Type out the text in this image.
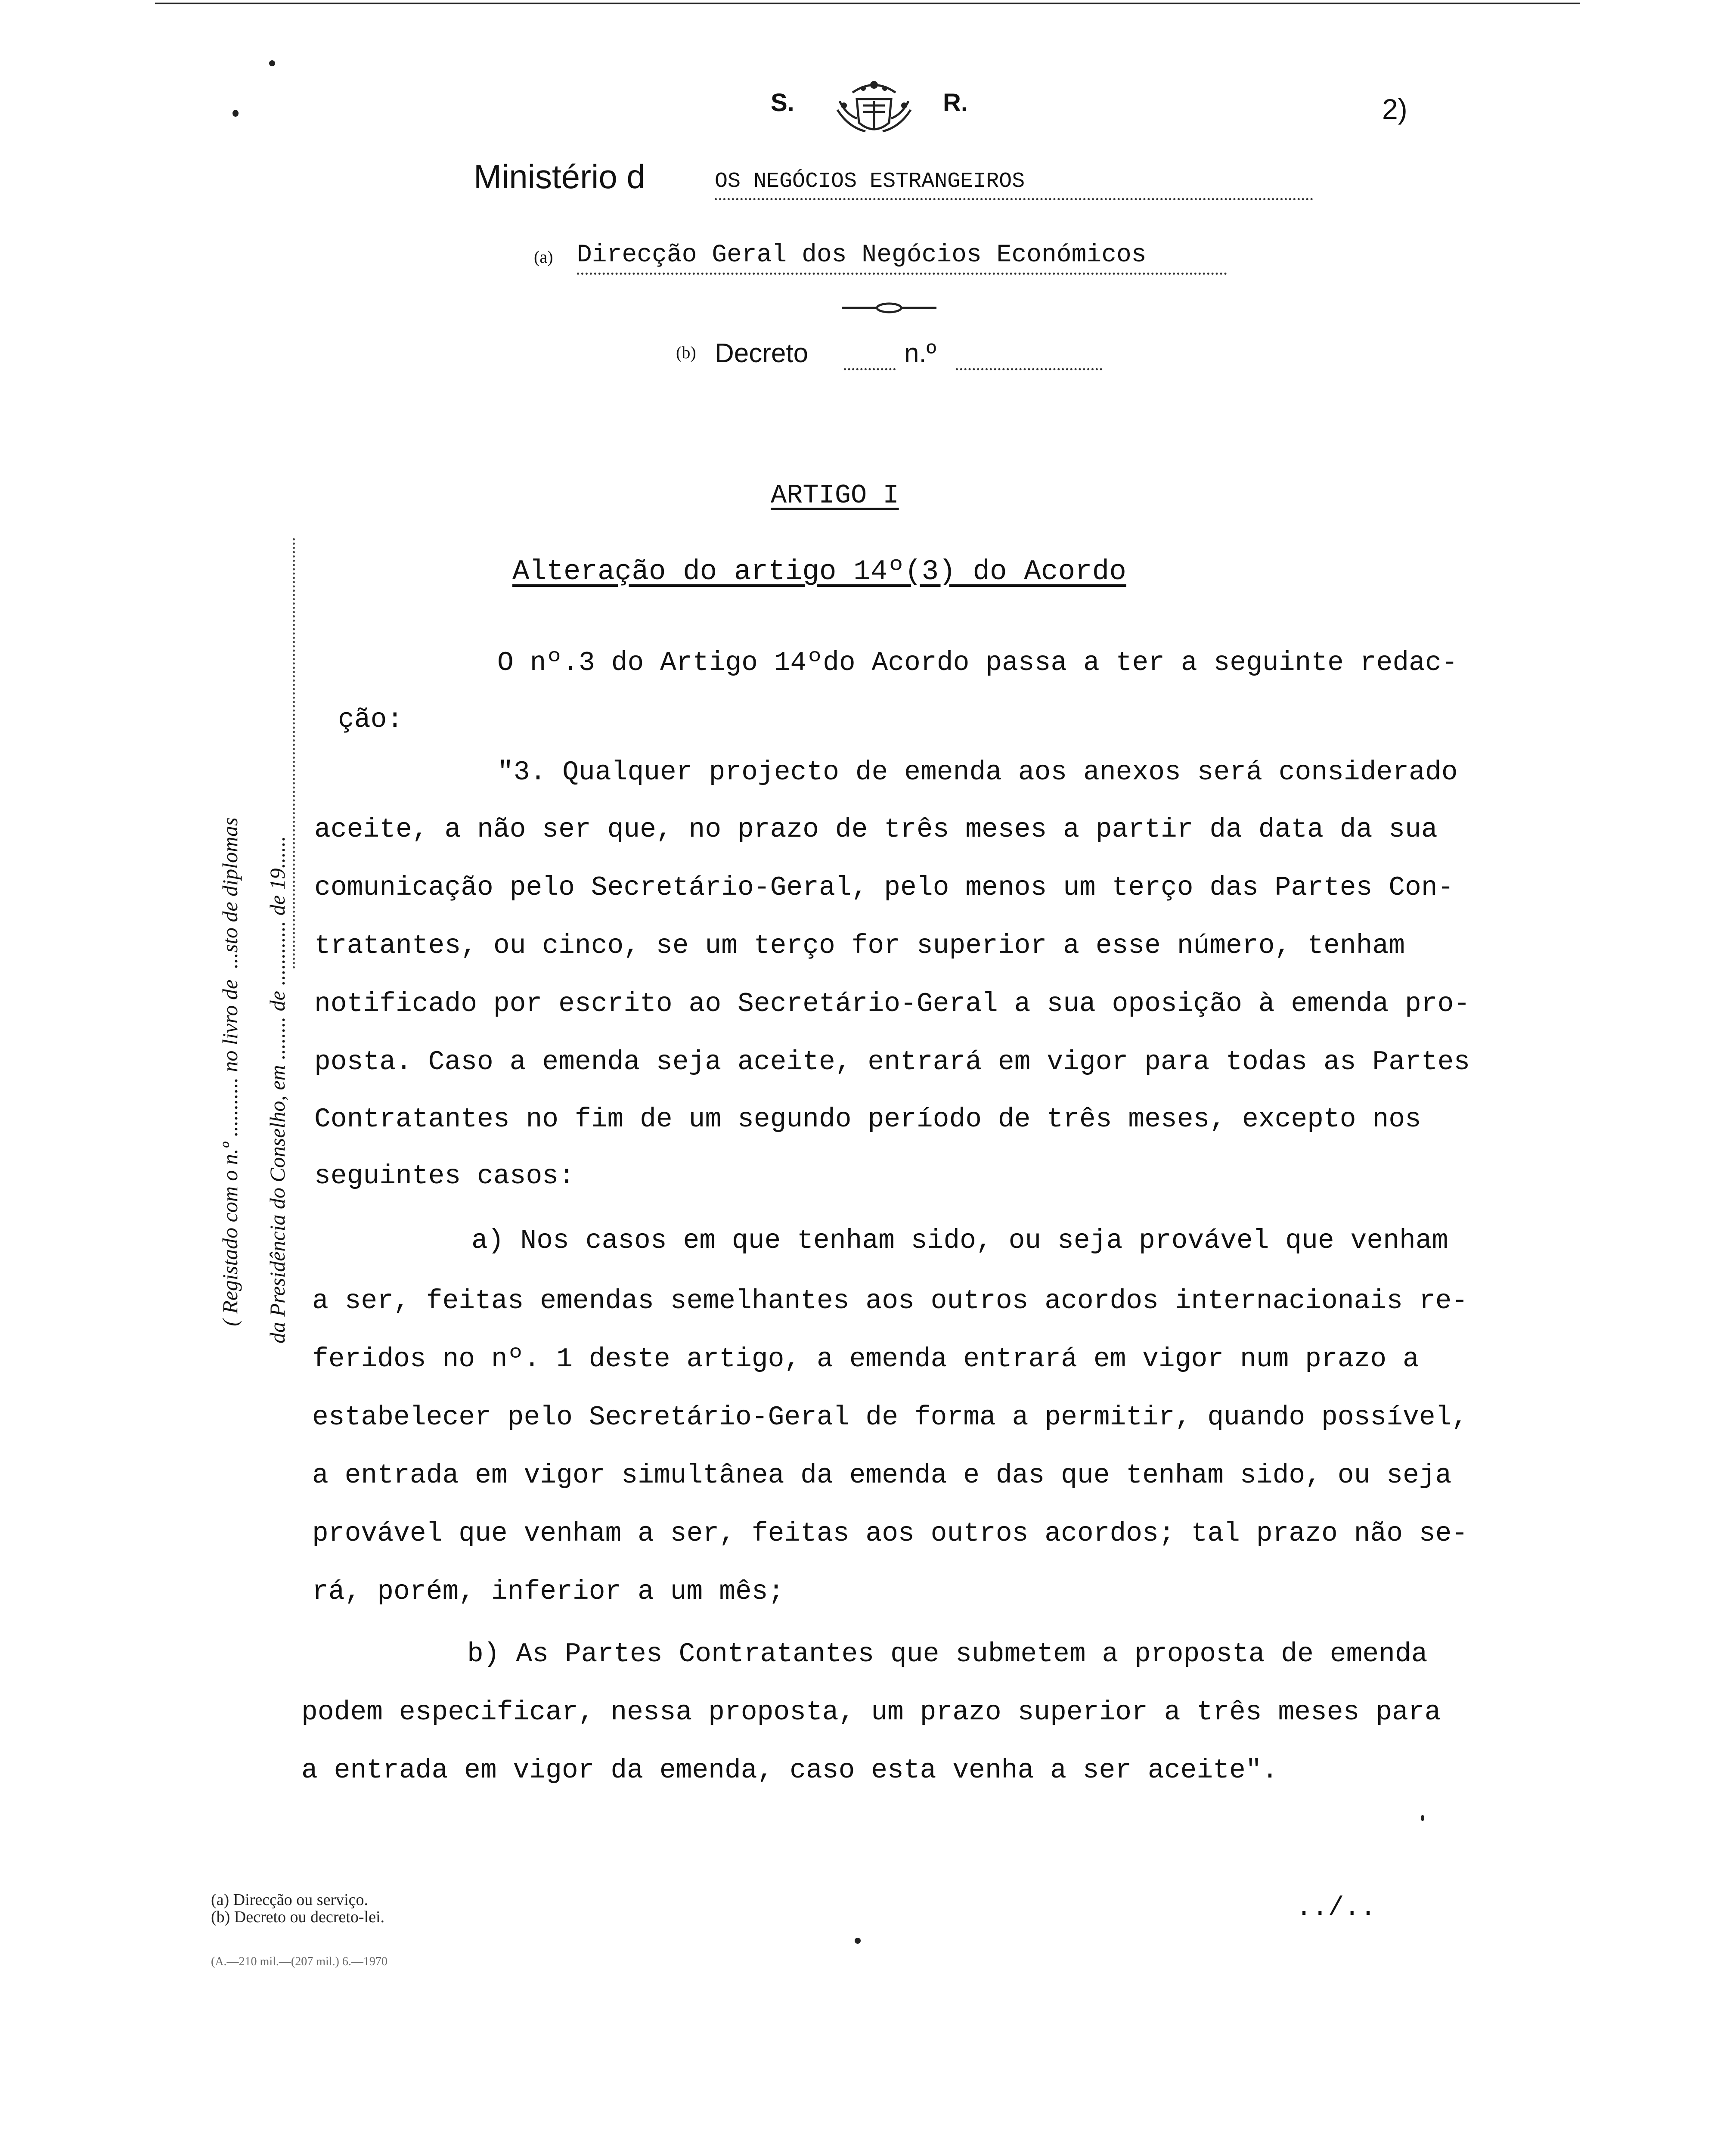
S.	R.	2)
Ministério d	OS NEGÓCIOS ESTRANGEIROS
(a) Direcção Geral dos Negócios Económicos
(b) Decreto	n.º
ARTIGO I
Alteração do artigo 14º(3) do Acordo
O nº.3 do Artigo 14ºdo Acordo passa a ter a seguinte redac-
ção:
"3. Qualquer projecto de emenda aos anexos será considerado
aceite, a não ser que, no prazo de três meses a partir da data da sua
comunicação pelo Secretário-Geral, pelo menos um terço das Partes Con-
tratantes, ou cinco, se um terço for superior a esse número, tenham
notificado por escrito ao Secretário-Geral a sua oposição à emenda pro-
posta. Caso a emenda seja aceite, entrará em vigor para todas as Partes
Contratantes no fim de um segundo período de três meses, excepto nos
seguintes casos:
a) Nos casos em que tenham sido, ou seja provável que venham
a ser, feitas emendas semelhantes aos outros acordos internacionais re-
feridos no nº. 1 deste artigo, a emenda entrará em vigor num prazo a
estabelecer pelo Secretário-Geral de forma a permitir, quando possível,
a entrada em vigor simultânea da emenda e das que tenham sido, ou seja
provável que venham a ser, feitas aos outros acordos; tal prazo não se-
rá, porém, inferior a um mês;
b) As Partes Contratantes que submetem a proposta de emenda
podem especificar, nessa proposta, um prazo superior a três meses para
a entrada em vigor da emenda, caso esta venha a ser aceite".
( Registado com o n.º ........... no livro de  ...sto de diplomas da Presidência do Conselho, em ........ de ............ de 19......
(a) Direcção ou serviço.
(b) Decreto ou decreto-lei.
(A.—210 mil.—(207 mil.) 6.—1970
../..
